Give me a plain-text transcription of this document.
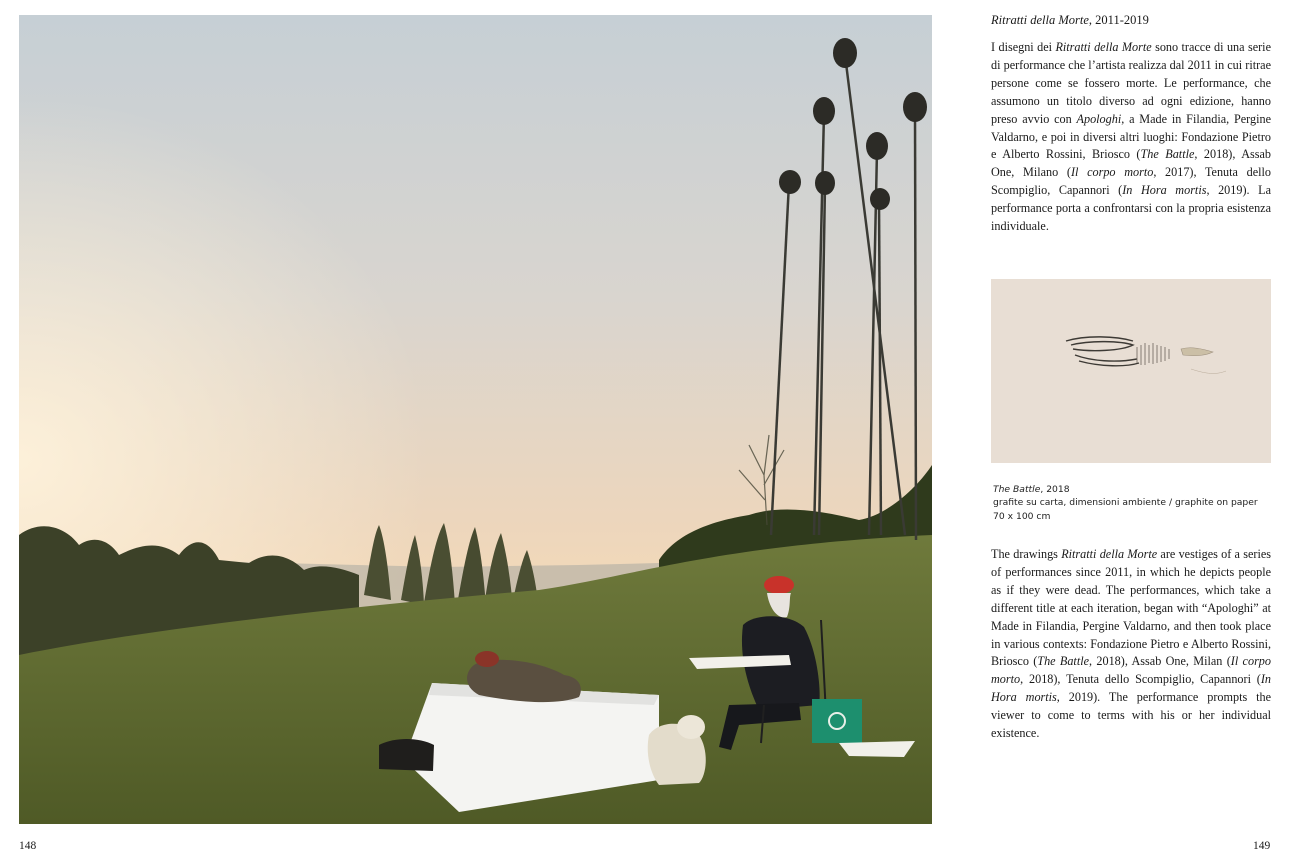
148
Ritratti della Morte, 2011-2019

I disegni dei Ritratti della Morte sono tracce di una serie di performance che l’artista realizza dal 2011 in cui ritrae persone come se fossero morte. Le performance, che assumono un titolo diverso ad ogni edizione, hanno preso avvio con Apologhi, a Made in Filandia, Pergine Valdarno, e poi in diversi altri luoghi: Fondazione Pietro e Alberto Rossini, Briosco (The Battle, 2018), Assab One, Milano (Il corpo morto, 2017), Tenuta dello Scompiglio, Capannori (In Hora mortis, 2019). La performance porta a confrontarsi con la propria esistenza individuale.

The Battle, 2018
grafite su carta, dimensioni ambiente / graphite on paper
70 x 100 cm

The drawings Ritratti della Morte are vestiges of a series of performances since 2011, in which he depicts people as if they were dead. The performances, which take a different title at each iteration, began with “Apologhi” at Made in Filandia, Pergine Valdarno, and then took place in various contexts: Fondazione Pietro e Alberto Rossini, Briosco (The Battle, 2018), Assab One, Milan (Il corpo morto, 2018), Tenuta dello Scompiglio, Capannori (In Hora mortis, 2019). The performance prompts the viewer to come to terms with his or her individual existence.

149
